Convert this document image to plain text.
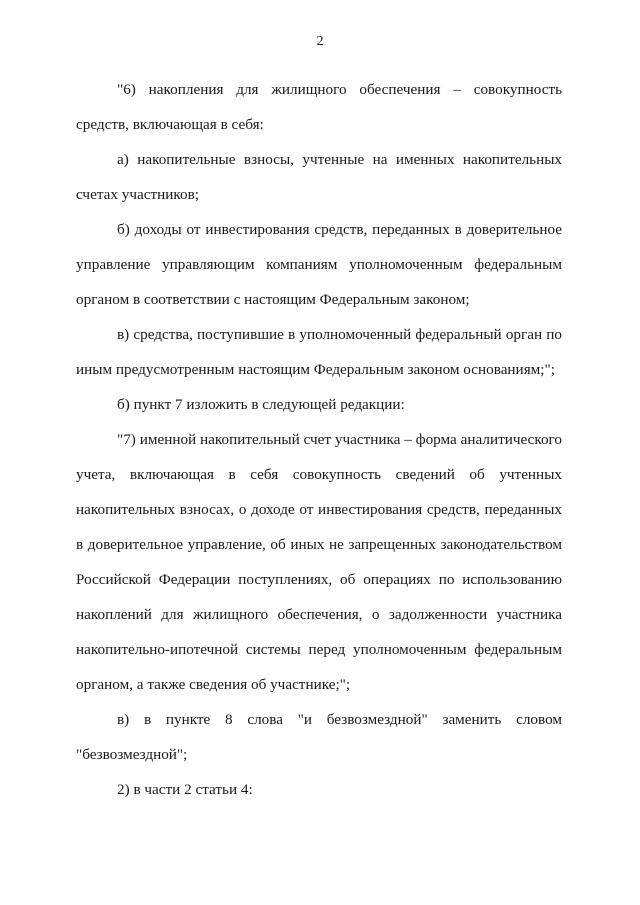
2

"6) накопления для жилищного обеспечения – совокупность средств, включающая в себя:

а) накопительные взносы, учтенные на именных накопительных счетах участников;

б) доходы от инвестирования средств, переданных в доверительное управление управляющим компаниям уполномоченным федеральным органом в соответствии с настоящим Федеральным законом;

в) средства, поступившие в уполномоченный федеральный орган по иным предусмотренным настоящим Федеральным законом основаниям;";

б) пункт 7 изложить в следующей редакции:

"7) именной накопительный счет участника – форма аналитического учета, включающая в себя совокупность сведений об учтенных накопительных взносах, о доходе от инвестирования средств, переданных в доверительное управление, об иных не запрещенных законодательством Российской Федерации поступлениях, об операциях по использованию накоплений для жилищного обеспечения, о задолженности участника накопительно-ипотечной системы перед уполномоченным федеральным органом, а также сведения об участнике;";

в) в пункте 8 слова "и безвозмездной" заменить словом "безвозмездной";

2) в части 2 статьи 4:
